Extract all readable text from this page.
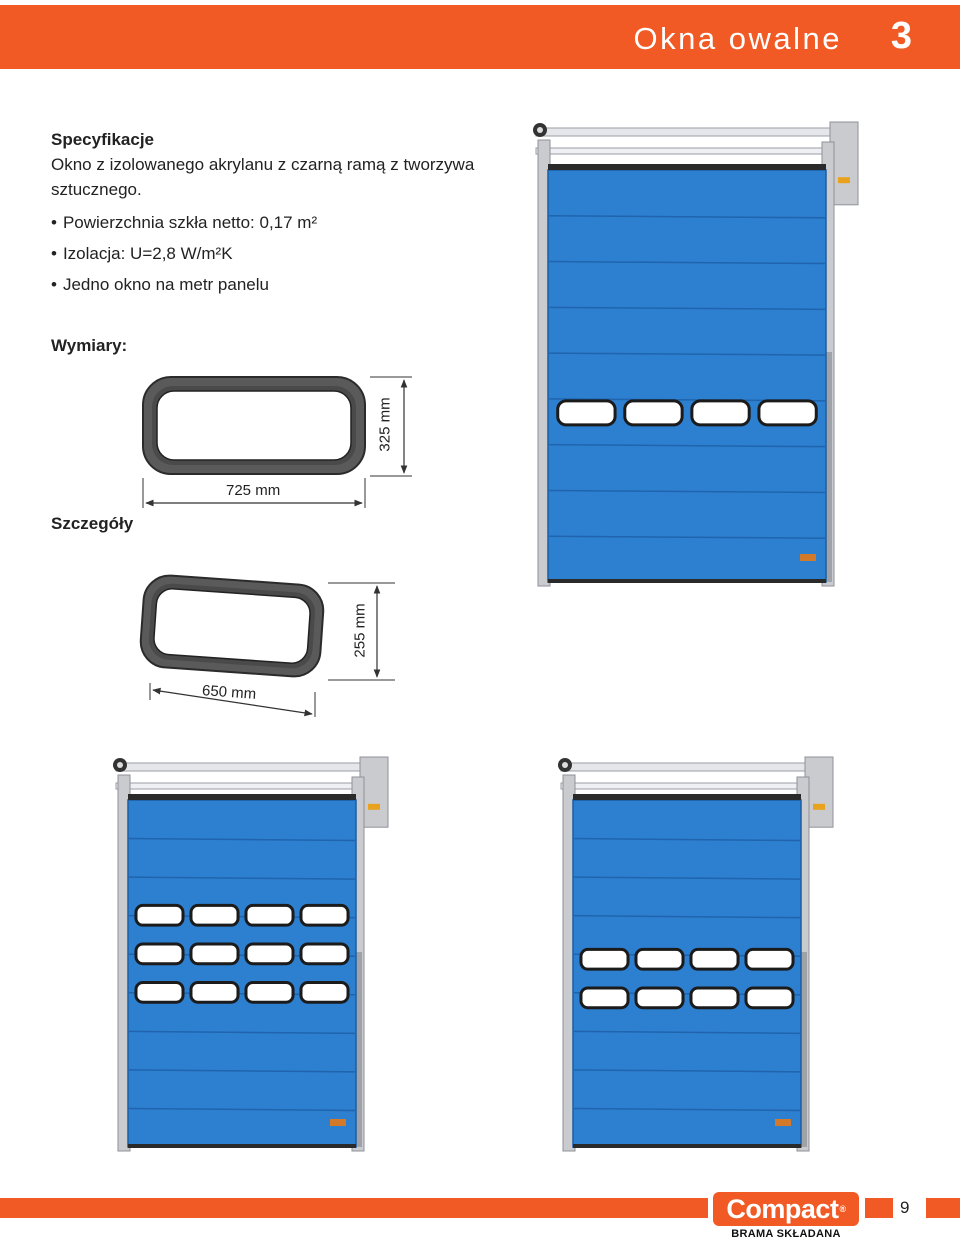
Okna owalne 3
Specyfikacje
Okno z izolowanego akrylanu z czarną ramą z tworzywa sztucznego.
• Powierzchnia szkła netto: 0,17 m²
• Izolacja: U=2,8 W/m²K
• Jedno okno na metr panelu
Wymiary:
Szczegóły
725 mm
325 mm
650 mm
255 mm
Compact®
BRAMA SKŁADANA
9
